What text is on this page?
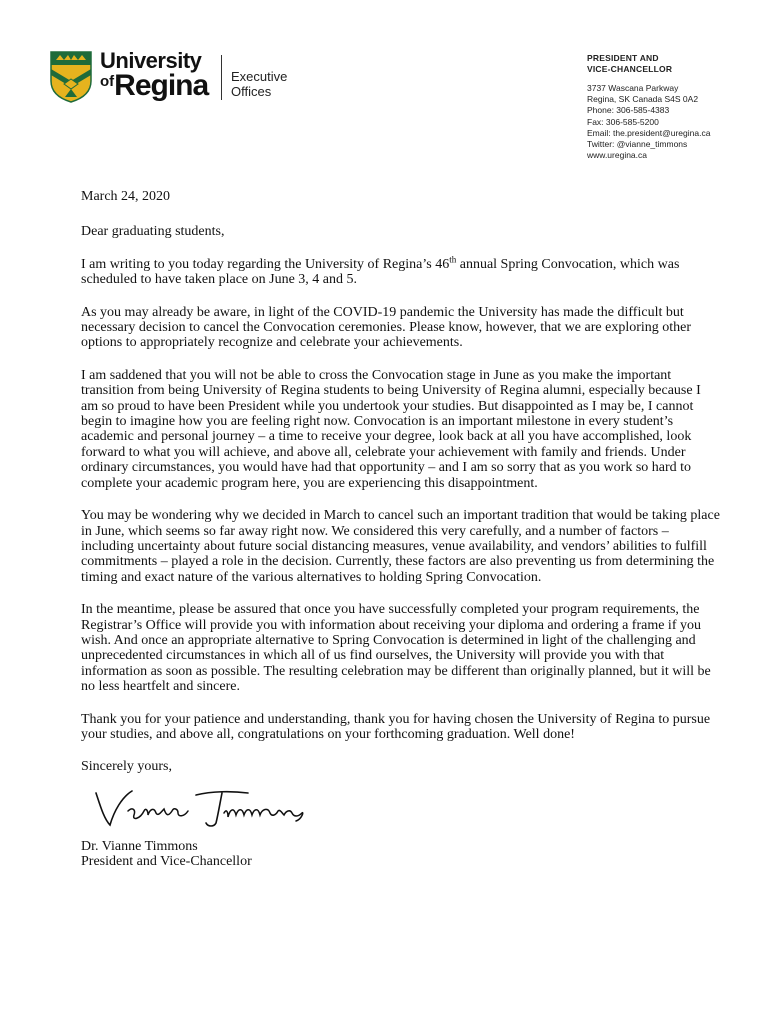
University
ofRegina Executive
Offices
PRESIDENT AND
VICE-CHANCELLOR
3737 Wascana Parkway
Regina, SK Canada S4S 0A2
Phone: 306-585-4383
Fax: 306-585-5200
Email: the.president@uregina.ca
Twitter: @vianne_timmons
www.uregina.ca

March 24, 2020

Dear graduating students,

I am writing to you today regarding the University of Regina’s 46th annual Spring Convocation, which was scheduled to have taken place on June 3, 4 and 5.

As you may already be aware, in light of the COVID-19 pandemic the University has made the difficult but necessary decision to cancel the Convocation ceremonies. Please know, however, that we are exploring other options to appropriately recognize and celebrate your achievements.

I am saddened that you will not be able to cross the Convocation stage in June as you make the important transition from being University of Regina students to being University of Regina alumni, especially because I am so proud to have been President while you undertook your studies. But disappointed as I may be, I cannot begin to imagine how you are feeling right now. Convocation is an important milestone in every student’s academic and personal journey – a time to receive your degree, look back at all you have accomplished, look forward to what you will achieve, and above all, celebrate your achievement with family and friends. Under ordinary circumstances, you would have had that opportunity – and I am so sorry that as you work so hard to complete your academic program here, you are experiencing this disappointment.

You may be wondering why we decided in March to cancel such an important tradition that would be taking place in June, which seems so far away right now. We considered this very carefully, and a number of factors – including uncertainty about future social distancing measures, venue availability, and vendors’ abilities to fulfill commitments – played a role in the decision. Currently, these factors are also preventing us from determining the timing and exact nature of the various alternatives to holding Spring Convocation.

In the meantime, please be assured that once you have successfully completed your program requirements, the Registrar’s Office will provide you with information about receiving your diploma and ordering a frame if you wish. And once an appropriate alternative to Spring Convocation is determined in light of the challenging and unprecedented circumstances in which all of us find ourselves, the University will provide you with that information as soon as possible. The resulting celebration may be different than originally planned, but it will be no less heartfelt and sincere.

Thank you for your patience and understanding, thank you for having chosen the University of Regina to pursue your studies, and above all, congratulations on your forthcoming graduation. Well done!

Sincerely yours,

Dr. Vianne Timmons
President and Vice-Chancellor
